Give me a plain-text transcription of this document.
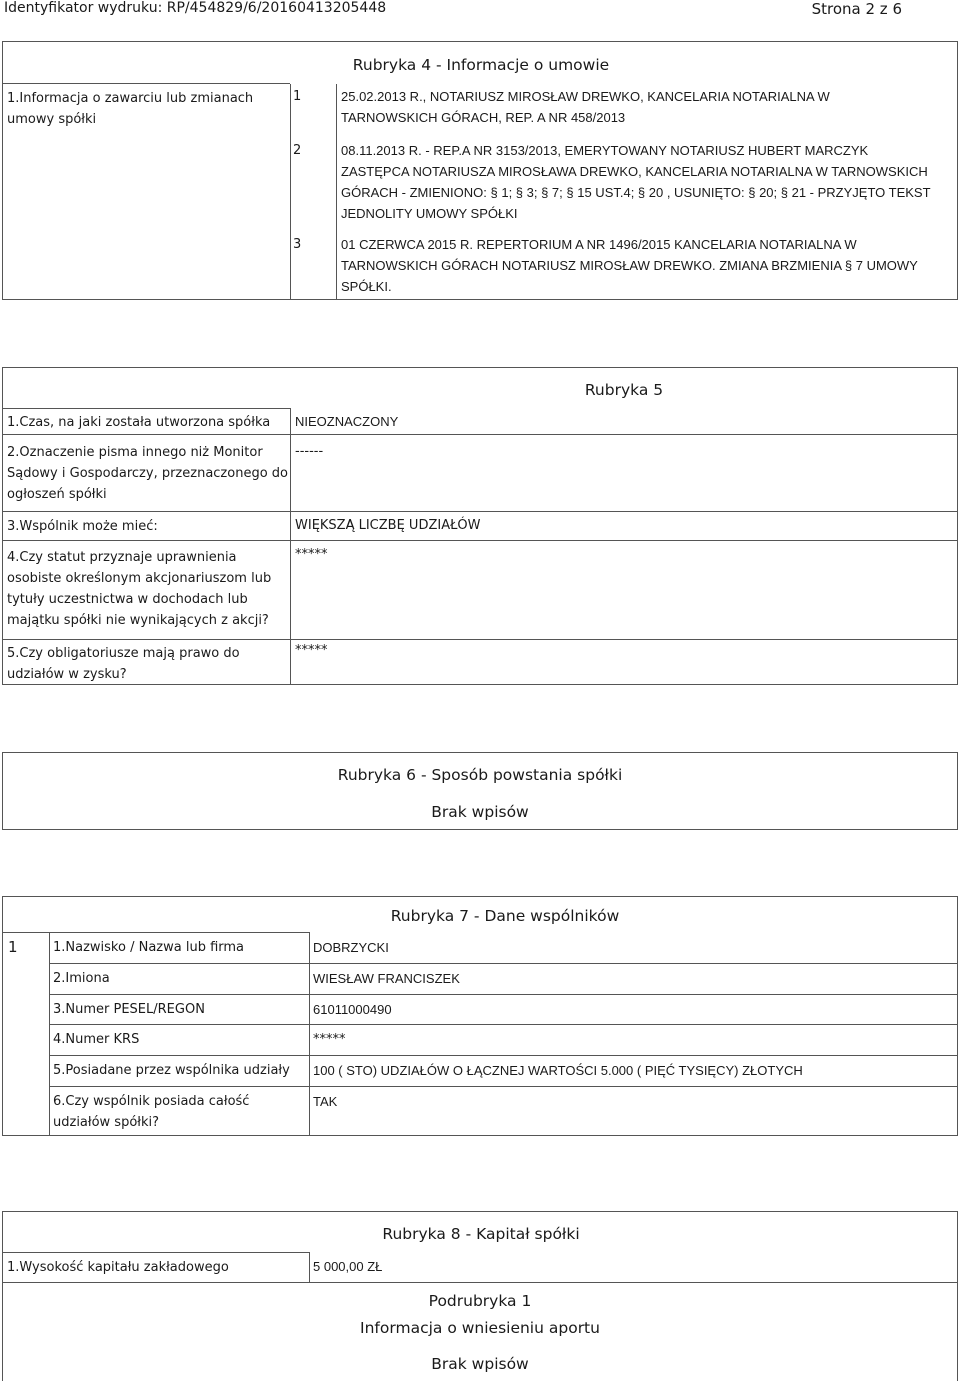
Identyfikator wydruku: RP/454829/6/20160413205448	Strona 2 z 6
Rubryka 4 - Informacje o umowie
1.Informacja o zawarciu lub zmianach umowy spółki
1	25.02.2013 R., NOTARIUSZ MIROSŁAW DREWKO, KANCELARIA NOTARIALNA W
TARNOWSKICH GÓRACH, REP. A NR 458/2013
2	08.11.2013 R. - REP.A NR 3153/2013, EMERYTOWANY NOTARIUSZ HUBERT MARCZYK
ZASTĘPCA NOTARIUSZA MIROSŁAWA DREWKO, KANCELARIA NOTARIALNA W TARNOWSKICH
GÓRACH - ZMIENIONO: § 1; § 3; § 7; § 15 UST.4; § 20 , USUNIĘTO: § 20; § 21 - PRZYJĘTO TEKST
JEDNOLITY UMOWY SPÓŁKI
3	01 CZERWCA 2015 R. REPERTORIUM A NR 1496/2015 KANCELARIA NOTARIALNA W
TARNOWSKICH GÓRACH NOTARIUSZ MIROSŁAW DREWKO. ZMIANA BRZMIENIA § 7 UMOWY
SPÓŁKI.
Rubryka 5
1.Czas, na jaki została utworzona spółka NIEOZNACZONY
2.Oznaczenie pisma innego niż Monitor
Sądowy i Gospodarczy, przeznaczonego do
ogłoszeń spółki
------
3.Wspólnik może mieć:	WIĘKSZĄ LICZBĘ UDZIAŁÓW
4.Czy statut przyznaje uprawnienia
osobiste określonym akcjonariuszom lub
tytuły uczestnictwa w dochodach lub
majątku spółki nie wynikających z akcji?
*****
5.Czy obligatoriusze mają prawo do
udziałów w zysku?
*****
Rubryka 6 - Sposób powstania spółki
Brak wpisów
Rubryka 7 - Dane wspólników
1	1.Nazwisko / Nazwa lub firma	DOBRZYCKI
2.Imiona	WIESŁAW FRANCISZEK
3.Numer PESEL/REGON	61011000490
4.Numer KRS	*****
5.Posiadane przez wspólnika udziały 100 ( STO) UDZIAŁÓW O ŁĄCZNEJ WARTOŚCI 5.000 ( PIĘĆ TYSIĘCY) ZŁOTYCH
6.Czy wspólnik posiada całość
udziałów spółki?
TAK
Rubryka 8 - Kapitał spółki
1.Wysokość kapitału zakładowego	5 000,00 ZŁ
Podrubryka 1
Informacja o wniesieniu aportu
Brak wpisów
